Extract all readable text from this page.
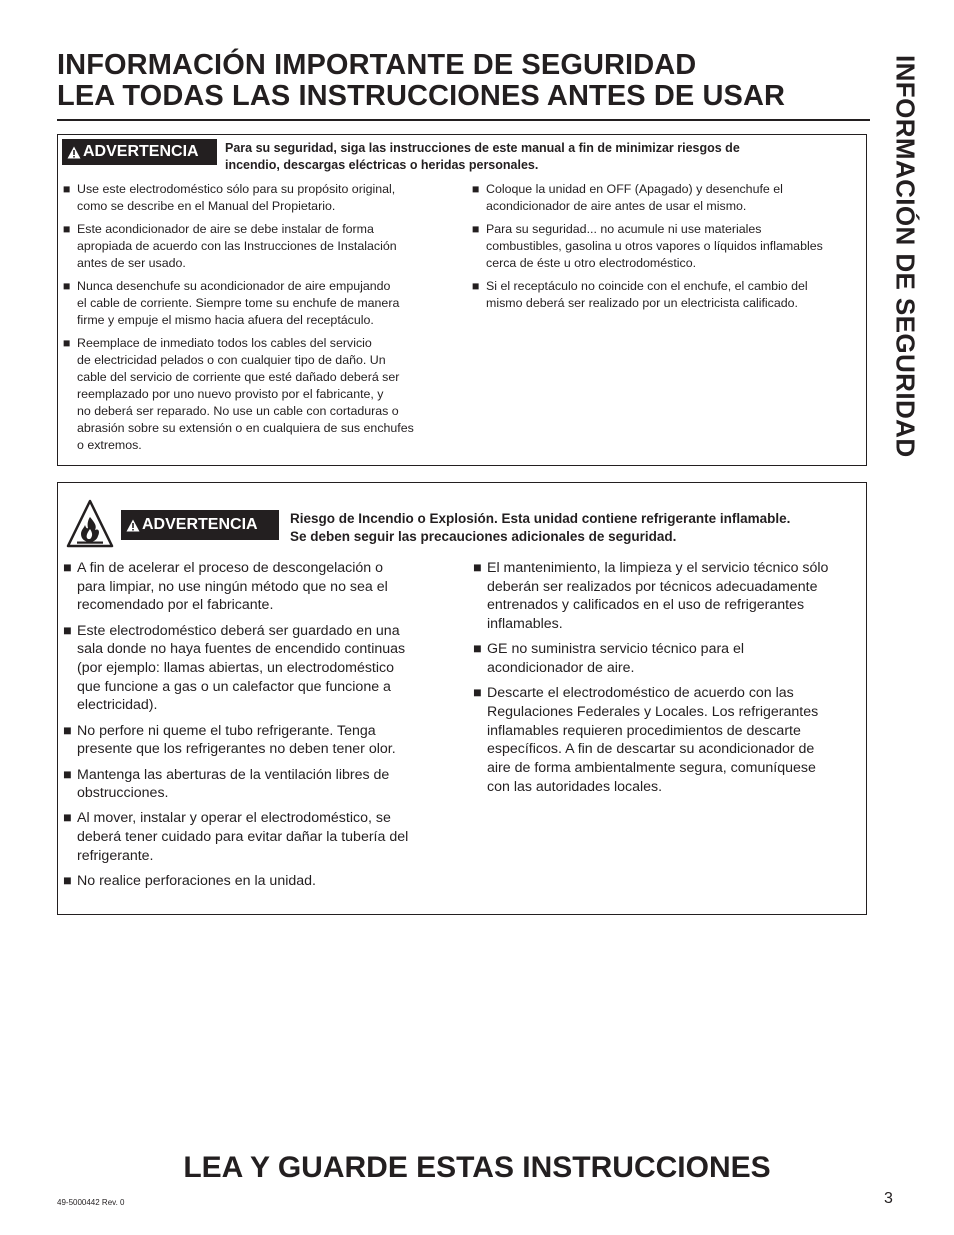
INFORMACIÓN IMPORTANTE DE SEGURIDAD
LEA TODAS LAS INSTRUCCIONES ANTES DE USAR	INFORMACIÓN DE SEGURIDAD
ADVERTENCIA Para su seguridad, siga las instrucciones de este manual a fin de minimizar riesgos de
incendio, descargas eléctricas o heridas personales.

■ Use este electrodoméstico sólo para su propósito original,
como se describe en el Manual del Propietario.
■ Este acondicionador de aire se debe instalar de forma
apropiada de acuerdo con las Instrucciones de Instalación
antes de ser usado.
■ Nunca desenchufe su acondicionador de aire empujando
el cable de corriente. Siempre tome su enchufe de manera
firme y empuje el mismo hacia afuera del receptáculo.
■ Reemplace de inmediato todos los cables del servicio
de electricidad pelados o con cualquier tipo de daño. Un
cable del servicio de corriente que esté dañado deberá ser
reemplazado por uno nuevo provisto por el fabricante, y
no deberá ser reparado. No use un cable con cortaduras o
abrasión sobre su extensión o en cualquiera de sus enchufes
o extremos.
■ Coloque la unidad en OFF (Apagado) y desenchufe el
acondicionador de aire antes de usar el mismo.
■ Para su seguridad... no acumule ni use materiales
combustibles, gasolina u otros vapores o líquidos inflamables
cerca de éste u otro electrodoméstico.
■ Si el receptáculo no coincide con el enchufe, el cambio del
mismo deberá ser realizado por un electricista calificado.
ADVERTENCIA Riesgo de Incendio o Explosión. Esta unidad contiene refrigerante inflamable.
Se deben seguir las precauciones adicionales de seguridad.

■ A fin de acelerar el proceso de descongelación o
para limpiar, no use ningún método que no sea el
recomendado por el fabricante.
■ Este electrodoméstico deberá ser guardado en una
sala donde no haya fuentes de encendido continuas
(por ejemplo: llamas abiertas, un electrodoméstico
que funcione a gas o un calefactor que funcione a
electricidad).
■ No perfore ni queme el tubo refrigerante. Tenga
presente que los refrigerantes no deben tener olor.
■ Mantenga las aberturas de la ventilación libres de
obstrucciones.
■ Al mover, instalar y operar el electrodoméstico, se
deberá tener cuidado para evitar dañar la tubería del
refrigerante.
■ No realice perforaciones en la unidad.
■ El mantenimiento, la limpieza y el servicio técnico sólo
deberán ser realizados por técnicos adecuadamente
entrenados y calificados en el uso de refrigerantes
inflamables.
■ GE no suministra servicio técnico para el
acondicionador de aire.
■ Descarte el electrodoméstico de acuerdo con las
Regulaciones Federales y Locales. Los refrigerantes
inflamables requieren procedimientos de descarte
específicos. A fin de descartar su acondicionador de
aire de forma ambientalmente segura, comuníquese
con las autoridades locales.
LEA Y GUARDE ESTAS INSTRUCCIONES
49-5000442 Rev. 0	3
